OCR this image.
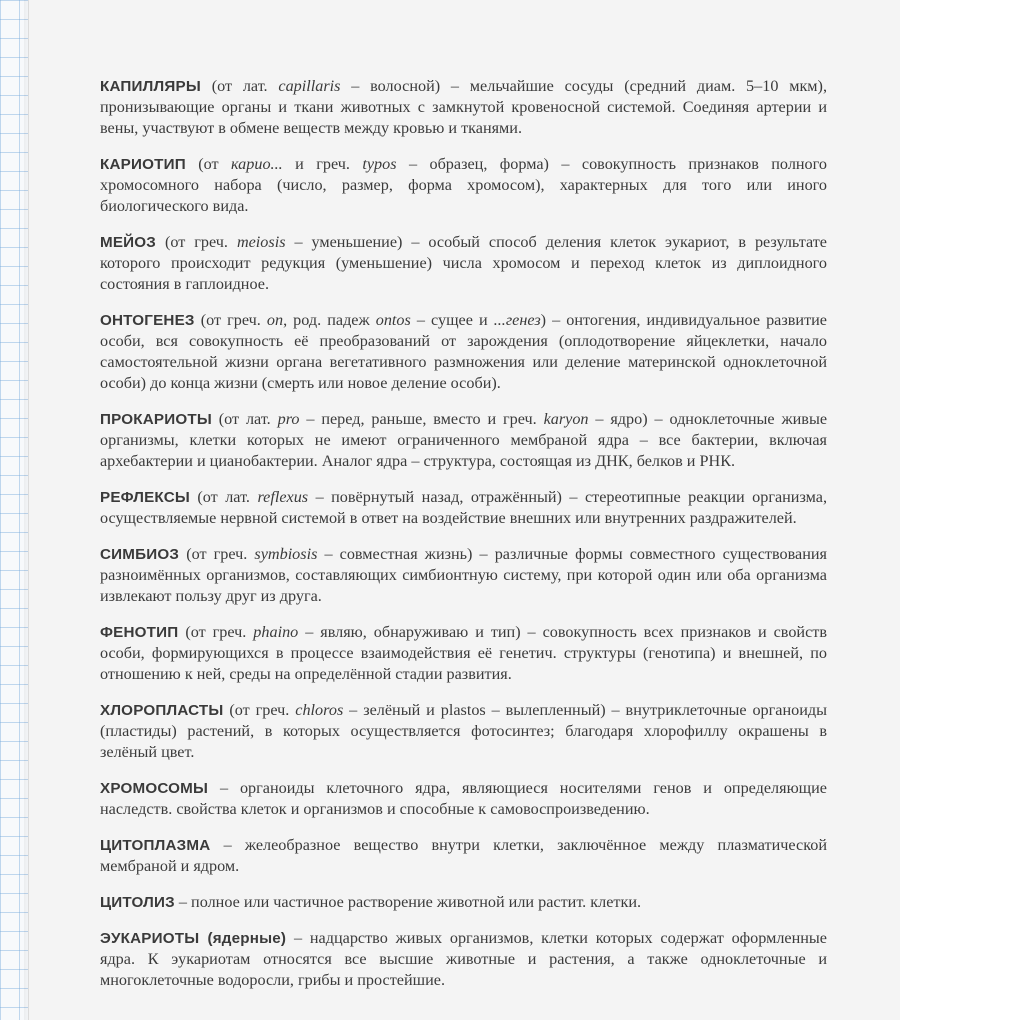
КАПИЛЛЯРЫ (от лат. capillaris – волосной) – мельчайшие сосуды (средний диам. 5–10 мкм), пронизывающие органы и ткани животных с замкнутой кровеносной системой. Соединяя артерии и вены, участвуют в обмене веществ между кровью и тканями.

КАРИОТИП (от карио... и греч. typos – образец, форма) – совокупность признаков полного хромосомного набора (число, размер, форма хромосом), характерных для того или иного биологического вида.

МЕЙОЗ (от греч. meiosis – уменьшение) – особый способ деления клеток эукариот, в результате которого происходит редукция (уменьшение) числа хромосом и переход клеток из диплоидного состояния в гаплоидное.

ОНТОГЕНЕЗ (от греч. on, род. падеж ontos – сущее и ...генез) – онтогения, индивидуальное развитие особи, вся совокупность её преобразований от зарождения (оплодотворение яйцеклетки, начало самостоятельной жизни органа вегетативного размножения или деление материнской одноклеточной особи) до конца жизни (смерть или новое деление особи).

ПРОКАРИОТЫ (от лат. pro – перед, раньше, вместо и греч. karyon – ядро) – одноклеточные живые организмы, клетки которых не имеют ограниченного мембраной ядра – все бактерии, включая архебактерии и цианобактерии. Аналог ядра – структура, состоящая из ДНК, белков и РНК.

РЕФЛЕКСЫ (от лат. reflexus – повёрнутый назад, отражённый) – стереотипные реакции организма, осуществляемые нервной системой в ответ на воздействие внешних или внутренних раздражителей.

СИМБИОЗ (от греч. symbiosis – совместная жизнь) – различные формы совместного существования разноимённых организмов, составляющих симбионтную систему, при которой один или оба организма извлекают пользу друг из друга.

ФЕНОТИП (от греч. phaino – являю, обнаруживаю и тип) – совокупность всех признаков и свойств особи, формирующихся в процессе взаимодействия её генетич. структуры (генотипа) и внешней, по отношению к ней, среды на определённой стадии развития.

ХЛОРОПЛАСТЫ (от греч. chloros – зелёный и plastos – вылепленный) – внутриклеточные органоиды (пластиды) растений, в которых осуществляется фотосинтез; благодаря хлорофиллу окрашены в зелёный цвет.

ХРОМОСОМЫ – органоиды клеточного ядра, являющиеся носителями генов и определяющие наследств. свойства клеток и организмов и способные к самовоспроизведению.

ЦИТОПЛАЗМА – желеобразное вещество внутри клетки, заключённое между плазматической мембраной и ядром.

ЦИТОЛИЗ – полное или частичное растворение животной или растит. клетки.

ЭУКАРИОТЫ (ядерные) – надцарство живых организмов, клетки которых содержат оформленные ядра. К эукариотам относятся все высшие животные и растения, а также одноклеточные и многоклеточные водоросли, грибы и простейшие.
